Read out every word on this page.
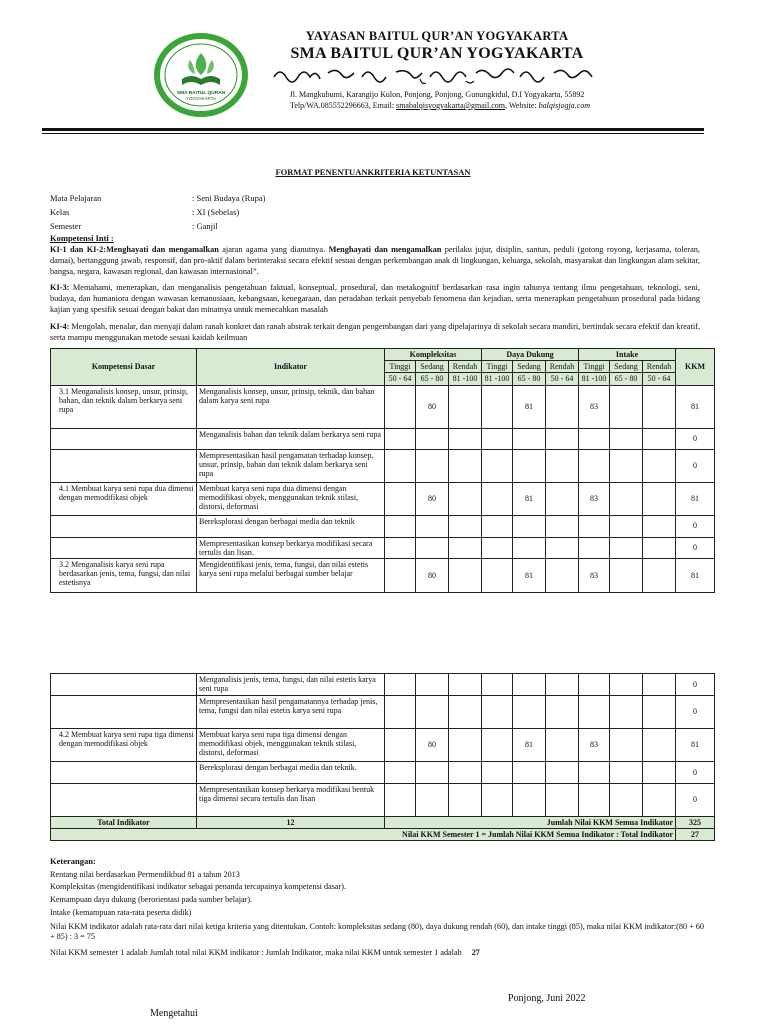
SMA BAITUL QURAN
YOGYAKARTA
YAYASAN BAITUL QUR’AN YOGYAKARTA
SMA BAITUL QUR’AN YOGYAKARTA
Jl. Mangkubumi, Karangijo Kulon, Ponjong, Ponjong, Gunungkidul, D.I Yogyakarta, 55892
Telp/WA.085552296663, Email: smabalqisyogyakarta@gmail.com, Website: balqisjogja.com
FORMAT PENENTUANKRITERIA KETUNTASAN
Mata Pelajaran	: Seni Budaya (Rupa)
Kelas	: XI (Sebelas)
Semester	: Ganjil
Kompetensi Inti :
KI-1 dan KI-2:Menghayati dan mengamalkan ajaran agama yang dianutnya. Menghayati dan mengamalkan perilaku jujur, disiplin, santun, peduli (gotong royong, kerjasama, toleran, damai), bertanggung jawab, responsif, dan pro-aktif dalam berinteraksi secara efektif sesuai dengan perkembangan anak di lingkungan, keluarga, sekolah, masyarakat dan lingkungan alam sekitar, bangsa, negara, kawasan regional, dan kawasan internasional”.
KI-3: Memahami, menerapkan, dan menganalisis pengetahuan faktual, konseptual, prosedural, dan metakognitif berdasarkan rasa ingin tahunya tentang ilmu pengetahuan, teknologi, seni, budaya, dan humaniora dengan wawasan kemanusiaan, kebangsaan, kenegaraan, dan peradaban terkait penyebab fenomena dan kejadian, serta menerapkan pengetahuan prosedural pada bidang kajian yang spesifik sesuai dengan bakat dan minatnya untuk memecahkan masalah
KI-4: Mengolah, menalar, dan menyaji dalam ranah konkret dan ranah abstrak terkait dengan pengembangan dari yang dipelajarinya di sekolah secara mandiri, bertindak secara efektif dan kreatif, serta mampu menggunakan metode sesuai kaidah keilmuan
Kompetensi Dasar	Indikator	Kompleksitas			Daya Dukung			Intake			KKM
		Tinggi	Sedang	Rendah	Tinggi	Sedang	Rendah	Tinggi	Sedang	Rendah	
		50 - 64	65 - 80	81 -100	81 -100	65 - 80	50 - 64	81 -100	65 - 80	50 - 64	
3.1 Menganalisis konsep, unsur, prinsip, bahan, dan teknik dalam berkarya seni rupa	Menganalisis konsep, unsur, prinsip, teknik, dan bahan dalam karya seni rupa		80			81		83			81
	Menganalisis bahan dan teknik dalam berkarya seni rupa										0
	Mempresentasikan hasil pengamatan terhadap konsep, unsur, prinsip, bahan dan teknik dalam berkarya seni rupa										0
4.1 Membuat karya seni rupa dua dimensi dengan memodifikasi objek	Membuat karya seni rupa dua dimensi dengan memodifikasi obyek, menggunakan teknik stilasi, distorsi, deformasi		80			81		83			81
	Bereksplorasi dengan berbagai media dan teknik										0
	Mempresentasikan konsep berkarya modifikasi secara tertulis dan lisan.										0
3.2 Menganalisis karya seni rupa berdasarkan jenis, tema, fungsi, dan nilai estetisnya	Mengidentifikasi jenis, tema, fungsi, dan nilai estetis karya seni rupa melalui berbagai sumber belajar		80			81		83			81
	Menganalisis jenis, tema, fungsi, dan nilai estetis karya seni rupa										0
	Mempresentasikan hasil pengamatannya terhadap jenis, tema, fungsi dan nilai estetis karya seni rupa										0
4.2 Membuat karya seni rupa tiga dimensi dengan memodifikasi objek	Membuat karya seni rupa tiga dimensi dengan memodifikasi objek, menggunakan teknik stilasi, distorsi, deformasi		80			81		83			81
	Bereksplorasi dengan berbagai media dan teknik.										0
	Mempresentasikan konsep berkarya modifikasi bentuk tiga dimensi secara tertulis dan lisan										0
Total Indikator	12	Jumlah Nilai KKM Semua Indikator									325
Nilai KKM Semester 1 = Jumlah Nilai KKM Semua Indikator : Total Indikator											27
Keterangan:
Rentang nilai berdasarkan Permendikbud 81 a tahun 2013
Kompleksitas (mengidentifikasi indikator sebagai penanda tercapainya kompetensi dasar).
Kemampuan daya dukung (berorientasi pada sumber belajar).
Intake (kemampuan rata-rata peserta didik)
Nilai KKM indikator adalah rata-rata dari nilai ketiga kriteria yang ditentukan. Contoh: kompleksitas sedang (80), daya dukung rendah (60), dan intake tinggi (85), maka nilai KKM indikator:(80 + 60 + 85) : 3 = 75
Nilai KKM semester 1 adalah Jumlah total nilai KKM indikator : Jumlah Indikator, maka nilai KKM untuk semester 1 adalah 27
Ponjong, Juni 2022
Mengetahui
